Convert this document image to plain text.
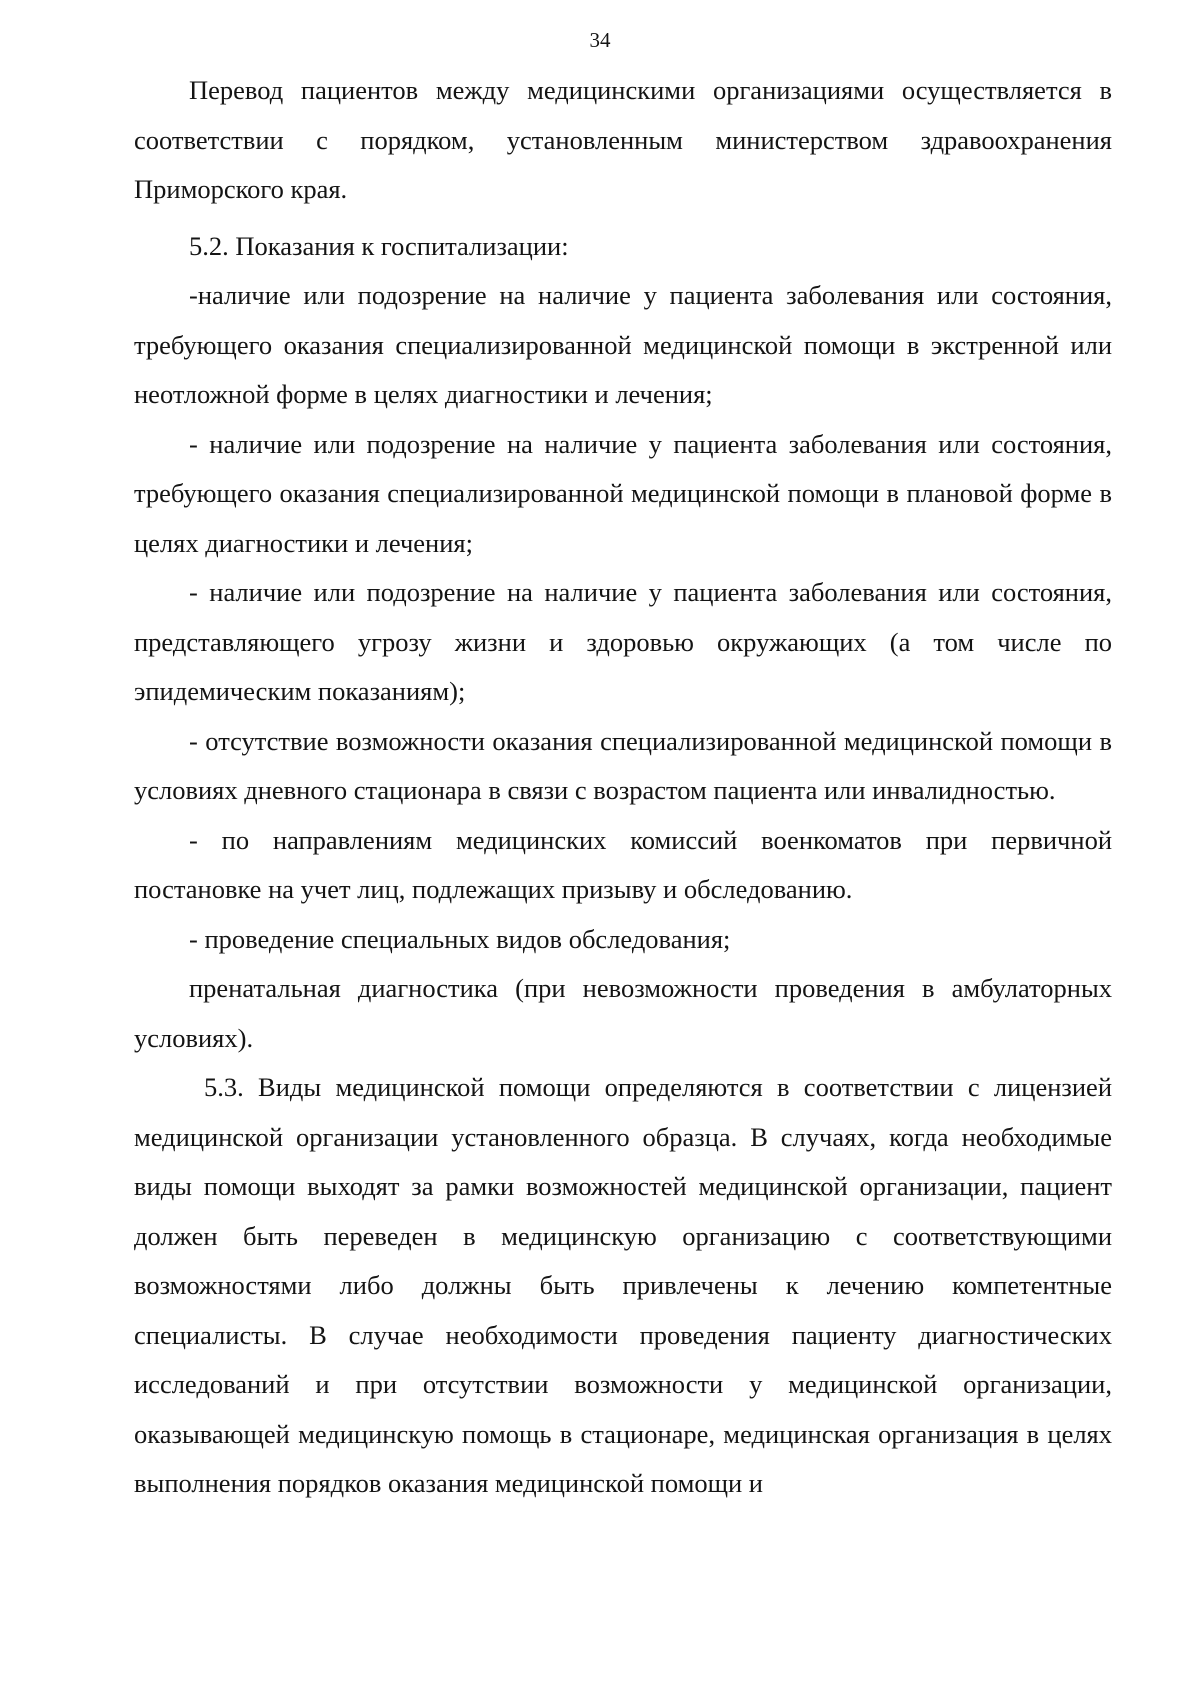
34

Перевод пациентов между медицинскими организациями осуществляется в соответствии с порядком, установленным министерством здравоохранения Приморского края.

5.2. Показания к госпитализации:

-наличие или подозрение на наличие у пациента заболевания или состояния, требующего оказания специализированной медицинской помощи в экстренной или неотложной форме в целях диагностики и лечения;

- наличие или подозрение на наличие у пациента заболевания или состояния, требующего оказания специализированной медицинской помощи в плановой форме в целях диагностики и лечения;

- наличие или подозрение на наличие у пациента заболевания или состояния, представляющего угрозу жизни и здоровью окружающих (а том числе по эпидемическим показаниям);

- отсутствие возможности оказания специализированной медицинской помощи в условиях дневного стационара в связи с возрастом пациента или инвалидностью.

- по направлениям медицинских комиссий военкоматов при первичной постановке на учет лиц, подлежащих призыву и обследованию.

- проведение специальных видов обследования;

пренатальная диагностика (при невозможности проведения в амбулаторных условиях).

5.3. Виды медицинской помощи определяются в соответствии с лицензией медицинской организации установленного образца. В случаях, когда необходимые виды помощи выходят за рамки возможностей медицинской организации, пациент должен быть переведен в медицинскую организацию с соответствующими возможностями либо должны быть привлечены к лечению компетентные специалисты. В случае необходимости проведения пациенту диагностических исследований и при отсутствии возможности у медицинской организации, оказывающей медицинскую помощь в стационаре, медицинская организация в целях выполнения порядков оказания медицинской помощи и
